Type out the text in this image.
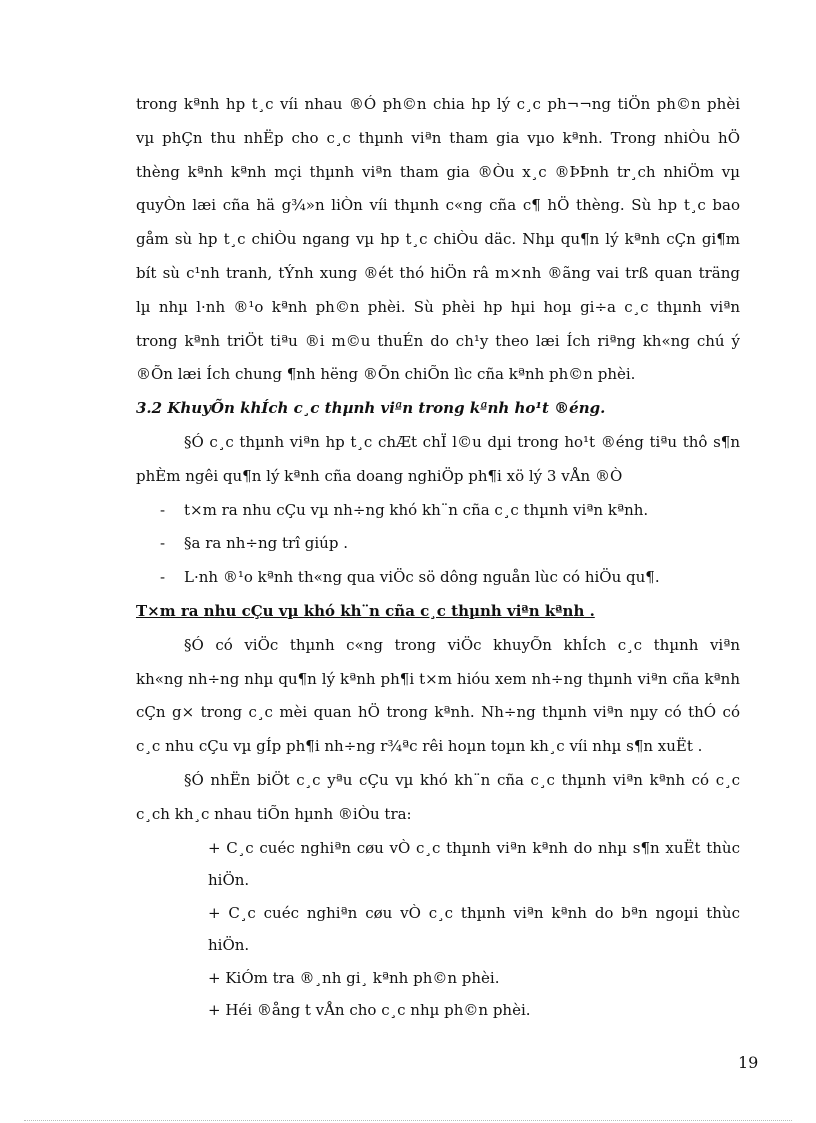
trong kªnh hp t¸c víi nhau ®Ó ph©n chia hp lý c¸c ph¬¬ng tiÖn ph©n phèi
vµ phÇn thu nhËp cho c¸c thµnh viªn tham gia vµo kªnh. Trong nhiÒu hÖ
thèng kªnh kªnh mçi thµnh viªn tham gia ®Òu x¸c ®ÞÞnh tr¸ch nhiÖm vµ
quyÒn læi cña hä g¾»n liÒn víi thµnh c«ng cña c¶ hÖ thèng. Sù hp t¸c bao
gåm sù hp t¸c chiÒu ngang vµ hp t¸c chiÒu däc. Nhµ qu¶n lý kªnh cÇn gi¶m
bít sù c¹nh tranh, tÝnh xung ®ét thó hiÖn râ m×nh ®ãng vai trß quan träng
lµ nhµ l·nh ®¹o kªnh ph©n phèi. Sù phèi hp hµi hoµ gi÷a c¸c thµnh viªn
trong kªnh triÖt tiªu ®i m©u thuÉn do ch¹y theo læi Ích riªng kh«ng chú ý
®Õn læi Ích chung ¶nh hëng ®Õn chiÕn lìc cña kªnh ph©n phèi.
3.2 KhuyÕn khÍch c¸c thµnh viªn trong kªnh ho¹t ®éng.
§Ó c¸c thµnh viªn hp t¸c chÆt chÏ l©u dµi trong ho¹t ®éng tiªu thô s¶n
phÈm ngêi qu¶n lý kªnh cña doang nghiÖp ph¶i xö lý 3 vÅn ®Ò
- t×m ra nhu cÇu vµ nh÷ng khó kh¨n cña c¸c thµnh viªn kªnh.
- §a ra nh÷ng trî giúp .
- L·nh ®¹o kªnh th«ng qua viÖc sö dông nguån lùc có hiÖu qu¶.
T×m ra nhu cÇu vµ khó kh¨n cña c¸c thµnh viªn kªnh .
§Ó có viÖc thµnh c«ng trong viÖc khuyÕn khÍch c¸c thµnh viªn
kh«ng nh÷ng nhµ qu¶n lý kªnh ph¶i t×m hióu xem nh÷ng thµnh viªn cña kªnh
cÇn g× trong c¸c mèi quan hÖ trong kªnh. Nh÷ng thµnh viªn nµy có thÓ có
c¸c nhu cÇu vµ gÍp ph¶i nh÷ng r¾ªc rêi hoµn toµn kh¸c víi nhµ s¶n xuËt .
§Ó nhËn biÖt c¸c yªu cÇu vµ khó kh¨n cña c¸c thµnh viªn kªnh có c¸c
c¸ch kh¸c nhau tiÕn hµnh ®iÒu tra:
+ C¸c cuéc nghiªn cøu vÒ c¸c thµnh viªn kªnh do nhµ s¶n xuËt thùc
hiÖn.
+ C¸c cuéc nghiªn cøu vÒ c¸c thµnh viªn kªnh do bªn ngoµi thùc
hiÖn.
+ KiÓm tra ®¸nh gi¸ kªnh ph©n phèi.
+ Héi ®ång t vÅn cho c¸c nhµ ph©n phèi.
19
